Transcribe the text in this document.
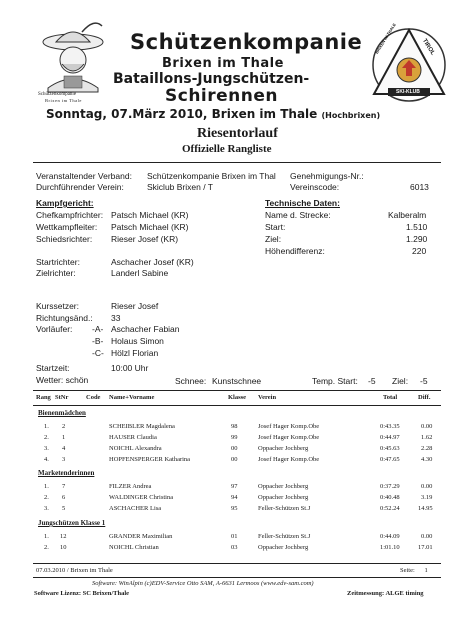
Schützenkompanie
Brixen im Thale
BRIXEN IM THALE	TIROL
SKI-KLUB
Schützenkompanie
Brixen im Thale
Bataillons-Jungschützen-
Schirennen
Sonntag, 07.März 2010, Brixen im Thale (Hochbrixen)
Riesentorlauf
Offizielle Rangliste
Veranstaltender Verband: Schützenkompanie Brixen im Thal Genehmigungs-Nr.:
Durchführender Verein:	Skiclub Brixen / T	Vereinscode:	6013
Kampfgericht:	Technische Daten:
Chefkampfrichter: Patsch Michael (KR)
Wettkampfleiter: Patsch Michael (KR)
Schiedsrichter: Rieser Josef (KR)
Name d. Strecke:	Kalberalm
Start:	1.510
Ziel:	1.290
Höhendifferenz:	220
Startrichter:	Aschacher Josef (KR)
Zielrichter:	Landerl Sabine
Kurssetzer:	Rieser Josef
Richtungsänd.: 33
Vorläufer: -A- Aschacher Fabian
-B- Holaus Simon
-C- Hölzl Florian
Startzeit:	10:00 Uhr
Wetter: schön	Schnee: Kunstschnee	Temp. Start: -5 Ziel: -5
Rang StNr	Code Name+Vorname	Klasse Verein	Total	Diff.
Bienenmädchen
1. 2	SCHEIBLER Magdalena	98	Josef Hager Komp.Obe	0:43.35	0.00
2. 1	HAUSER Claudia	99	Josef Hager Komp.Obe	0:44.97	1.62
3. 4	NOICHL Alexandra	00	Oppacher Jochberg	0:45.63	2.28
4. 3	HOPFENSPERGER Katharina	00	Josef Hager Komp.Obe	0:47.65	4.30
Marketenderinnen
1. 7	FILZER Andrea	97	Oppacher Jochberg	0:37.29	0.00
2. 6	WALDINGER Christina	94	Oppacher Jochberg	0:40.48	3.19
3. 5	ASCHACHER Lisa	95	Feller-Schützen St.J	0:52.24	14.95
Jungschützen Klasse 1
1. 12	GRANDER Maximilian	01	Feller-Schützen St.J	0:44.09	0.00
2. 10	NOICHL Christian	03	Oppacher Jochberg	1:01.10	17.01
07.03.2010 / Brixen im Thale	Seite: 1
Software: WinAlpin (c)EDV-Service Otto SAM, A-6631 Lermoos (www.edv-sam.com)
Software Lizenz: SC Brixen/Thale	Zeitmessung: ALGE timing
